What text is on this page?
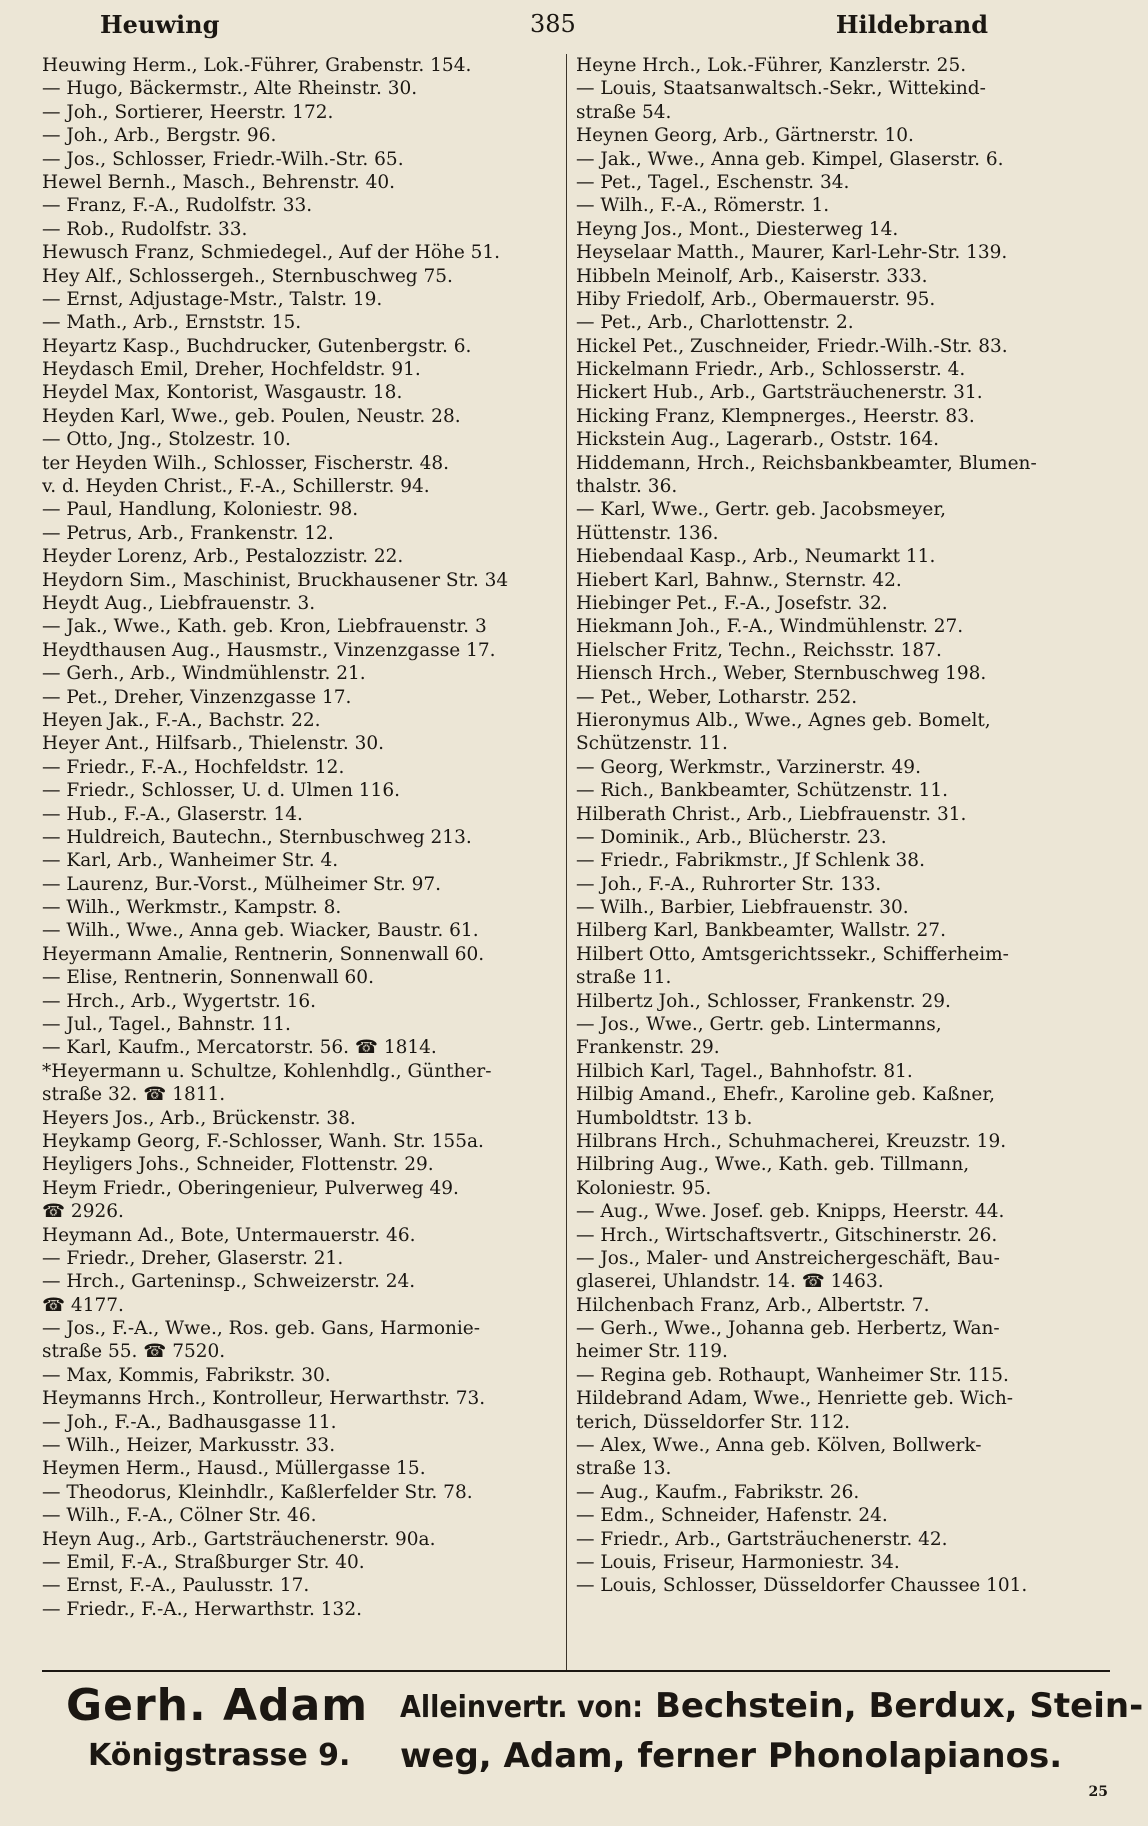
Heuwing	385	Hildebrand
Heuwing Herm., Lok.-Führer, Grabenstr. 154.
— Hugo, Bäckermstr., Alte Rheinstr. 30.
— Joh., Sortierer, Heerstr. 172.
— Joh., Arb., Bergstr. 96.
— Jos., Schlosser, Friedr.-Wilh.-Str. 65.
Hewel Bernh., Masch., Behrenstr. 40.
— Franz, F.-A., Rudolfstr. 33.
— Rob., Rudolfstr. 33.
Hewusch Franz, Schmiedegel., Auf der Höhe 51.
Hey Alf., Schlossergeh., Sternbuschweg 75.
— Ernst, Adjustage-Mstr., Talstr. 19.
— Math., Arb., Ernststr. 15.
Heyartz Kasp., Buchdrucker, Gutenbergstr. 6.
Heydasch Emil, Dreher, Hochfeldstr. 91.
Heydel Max, Kontorist, Wasgaustr. 18.
Heyden Karl, Wwe., geb. Poulen, Neustr. 28.
— Otto, Jng., Stolzestr. 10.
ter Heyden Wilh., Schlosser, Fischerstr. 48.
v. d. Heyden Christ., F.-A., Schillerstr. 94.
— Paul, Handlung, Koloniestr. 98.
— Petrus, Arb., Frankenstr. 12.
Heyder Lorenz, Arb., Pestalozzistr. 22.
Heydorn Sim., Maschinist, Bruckhausener Str. 34
Heydt Aug., Liebfrauenstr. 3.
— Jak., Wwe., Kath. geb. Kron, Liebfrauenstr. 3
Heydthausen Aug., Hausmstr., Vinzenzgasse 17.
— Gerh., Arb., Windmühlenstr. 21.
— Pet., Dreher, Vinzenzgasse 17.
Heyen Jak., F.-A., Bachstr. 22.
Heyer Ant., Hilfsarb., Thielenstr. 30.
— Friedr., F.-A., Hochfeldstr. 12.
— Friedr., Schlosser, U. d. Ulmen 116.
— Hub., F.-A., Glaserstr. 14.
— Huldreich, Bautechn., Sternbuschweg 213.
— Karl, Arb., Wanheimer Str. 4.
— Laurenz, Bur.-Vorst., Mülheimer Str. 97.
— Wilh., Werkmstr., Kampstr. 8.
— Wilh., Wwe., Anna geb. Wiacker, Baustr. 61.
Heyermann Amalie, Rentnerin, Sonnenwall 60.
— Elise, Rentnerin, Sonnenwall 60.
— Hrch., Arb., Wygertstr. 16.
— Jul., Tagel., Bahnstr. 11.
— Karl, Kaufm., Mercatorstr. 56. ☎ 1814.
*Heyermann u. Schultze, Kohlenhdlg., Günther-
straße 32. ☎ 1811.
Heyers Jos., Arb., Brückenstr. 38.
Heykamp Georg, F.-Schlosser, Wanh. Str. 155a.
Heyligers Johs., Schneider, Flottenstr. 29.
Heym Friedr., Oberingenieur, Pulverweg 49.
☎ 2926.
Heymann Ad., Bote, Untermauerstr. 46.
— Friedr., Dreher, Glaserstr. 21.
— Hrch., Garteninsp., Schweizerstr. 24.
☎ 4177.
— Jos., F.-A., Wwe., Ros. geb. Gans, Harmonie-
straße 55. ☎ 7520.
— Max, Kommis, Fabrikstr. 30.
Heymanns Hrch., Kontrolleur, Herwarthstr. 73.
— Joh., F.-A., Badhausgasse 11.
— Wilh., Heizer, Markusstr. 33.
Heymen Herm., Hausd., Müllergasse 15.
— Theodorus, Kleinhdlr., Kaßlerfelder Str. 78.
— Wilh., F.-A., Cölner Str. 46.
Heyn Aug., Arb., Gartsträuchenerstr. 90a.
— Emil, F.-A., Straßburger Str. 40.
— Ernst, F.-A., Paulusstr. 17.
— Friedr., F.-A., Herwarthstr. 132.
Heyne Hrch., Lok.-Führer, Kanzlerstr. 25.
— Louis, Staatsanwaltsch.-Sekr., Wittekind-
straße 54.
Heynen Georg, Arb., Gärtnerstr. 10.
— Jak., Wwe., Anna geb. Kimpel, Glaserstr. 6.
— Pet., Tagel., Eschenstr. 34.
— Wilh., F.-A., Römerstr. 1.
Heyng Jos., Mont., Diesterweg 14.
Heyselaar Matth., Maurer, Karl-Lehr-Str. 139.
Hibbeln Meinolf, Arb., Kaiserstr. 333.
Hiby Friedolf, Arb., Obermauerstr. 95.
— Pet., Arb., Charlottenstr. 2.
Hickel Pet., Zuschneider, Friedr.-Wilh.-Str. 83.
Hickelmann Friedr., Arb., Schlosserstr. 4.
Hickert Hub., Arb., Gartsträuchenerstr. 31.
Hicking Franz, Klempnerges., Heerstr. 83.
Hickstein Aug., Lagerarb., Oststr. 164.
Hiddemann, Hrch., Reichsbankbeamter, Blumen-
thalstr. 36.
— Karl, Wwe., Gertr. geb. Jacobsmeyer,
Hüttenstr. 136.
Hiebendaal Kasp., Arb., Neumarkt 11.
Hiebert Karl, Bahnw., Sternstr. 42.
Hiebinger Pet., F.-A., Josefstr. 32.
Hiekmann Joh., F.-A., Windmühlenstr. 27.
Hielscher Fritz, Techn., Reichsstr. 187.
Hiensch Hrch., Weber, Sternbuschweg 198.
— Pet., Weber, Lotharstr. 252.
Hieronymus Alb., Wwe., Agnes geb. Bomelt,
Schützenstr. 11.
— Georg, Werkmstr., Varzinerstr. 49.
— Rich., Bankbeamter, Schützenstr. 11.
Hilberath Christ., Arb., Liebfrauenstr. 31.
— Dominik., Arb., Blücherstr. 23.
— Friedr., Fabrikmstr., Jf Schlenk 38.
— Joh., F.-A., Ruhrorter Str. 133.
— Wilh., Barbier, Liebfrauenstr. 30.
Hilberg Karl, Bankbeamter, Wallstr. 27.
Hilbert Otto, Amtsgerichtssekr., Schifferheim-
straße 11.
Hilbertz Joh., Schlosser, Frankenstr. 29.
— Jos., Wwe., Gertr. geb. Lintermanns,
Frankenstr. 29.
Hilbich Karl, Tagel., Bahnhofstr. 81.
Hilbig Amand., Ehefr., Karoline geb. Kaßner,
Humboldtstr. 13 b.
Hilbrans Hrch., Schuhmacherei, Kreuzstr. 19.
Hilbring Aug., Wwe., Kath. geb. Tillmann,
Koloniestr. 95.
— Aug., Wwe. Josef. geb. Knipps, Heerstr. 44.
— Hrch., Wirtschaftsvertr., Gitschinerstr. 26.
— Jos., Maler- und Anstreichergeschäft, Bau-
glaserei, Uhlandstr. 14. ☎ 1463.
Hilchenbach Franz, Arb., Albertstr. 7.
— Gerh., Wwe., Johanna geb. Herbertz, Wan-
heimer Str. 119.
— Regina geb. Rothaupt, Wanheimer Str. 115.
Hildebrand Adam, Wwe., Henriette geb. Wich-
terich, Düsseldorfer Str. 112.
— Alex, Wwe., Anna geb. Kölven, Bollwerk-
straße 13.
— Aug., Kaufm., Fabrikstr. 26.
— Edm., Schneider, Hafenstr. 24.
— Friedr., Arb., Gartsträuchenerstr. 42.
— Louis, Friseur, Harmoniestr. 34.
— Louis, Schlosser, Düsseldorfer Chaussee 101.
Gerh. Adam
Königstrasse 9.
Alleinvertr. von: Bechstein, Berdux, Stein-
weg, Adam, ferner Phonolapianos.
25
